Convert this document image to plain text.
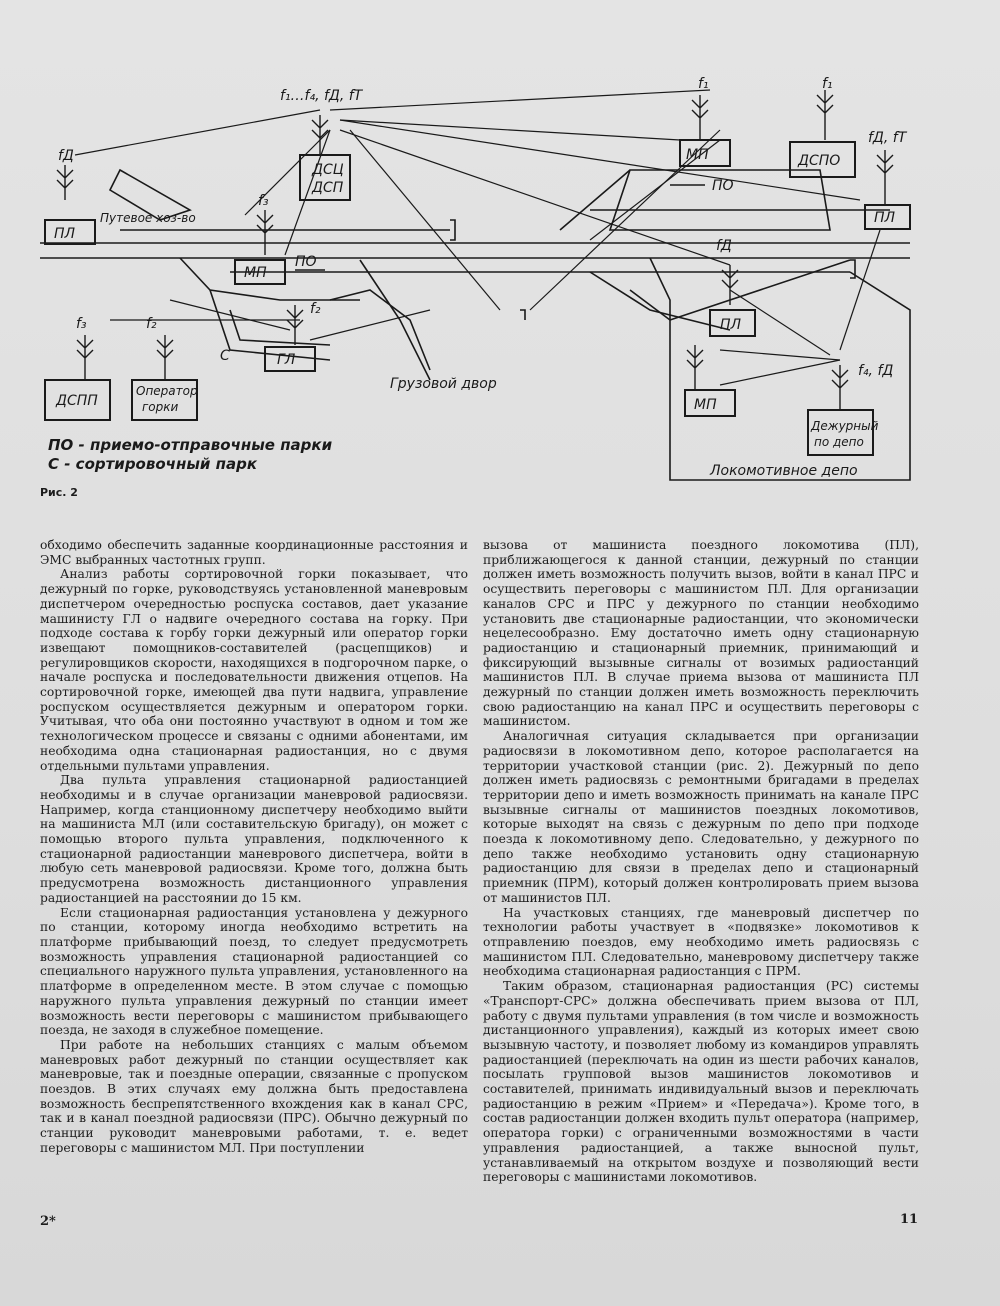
f₁…f₄, fД, fТ
f₁	f₁
fД, fТ
fД
f₃
f₃
f₂
f₂
fД
f₄, fД
ДСЦ
ДСП
МП	ДСПО
ПО
ПЛ
ПЛ
Путевое хоз-во
МП
ПО
ПЛ
ГЛ
С
Грузовой двор
МП
ДСПП
Оператор
горки
Дежурный
по депо
Локомотивное депо
ПО - приемо-отправочные парки
С - сортировочный парк
Рис. 2

обходимо обеспечить заданные координационные расстояния и ЭМС выбранных частотных групп.

Анализ работы сортировочной горки показывает, что дежурный по горке, руководствуясь установленной маневровым диспетчером очередностью роспуска составов, дает указание машинисту ГЛ о надвиге очередного состава на горку. При подходе состава к горбу горки дежурный или оператор горки извещают помощников-составителей (расцепщиков) и регулировщиков скорости, находящихся в подгорочном парке, о начале роспуска и последовательности движения отцепов. На сортировочной горке, имеющей два пути надвига, управление роспуском осуществляется дежурным и оператором горки. Учитывая, что оба они постоянно участвуют в одном и том же технологическом процессе и связаны с одними абонентами, им необходима одна стационарная радиостанция, но с двумя отдельными пультами управления.

Два пульта управления стационарной радиостанцией необходимы и в случае организации маневровой радиосвязи. Например, когда станционному диспетчеру необходимо выйти на машиниста МЛ (или составительскую бригаду), он может с помощью второго пульта управления, подключенного к стационарной радиостанции маневрового диспетчера, войти в любую сеть маневровой радиосвязи. Кроме того, должна быть предусмотрена возможность дистанционного управления радиостанцией на расстоянии до 15 км.

Если стационарная радиостанция установлена у дежурного по станции, которому иногда необходимо встретить на платформе прибывающий поезд, то следует предусмотреть возможность управления стационарной радиостанцией со специального наружного пульта управления, установленного на платформе в определенном месте. В этом случае с помощью наружного пульта управления дежурный по станции имеет возможность вести переговоры с машинистом прибывающего поезда, не заходя в служебное помещение.

При работе на небольших станциях с малым объемом маневровых работ дежурный по станции осуществляет как маневровые, так и поездные операции, связанные с пропуском поездов. В этих случаях ему должна быть предоставлена возможность беспрепятственного вхождения как в канал СРС, так и в канал поездной радиосвязи (ПРС). Обычно дежурный по станции руководит маневровыми работами, т. е. ведет переговоры с машинистом МЛ. При поступлении

вызова от машиниста поездного локомотива (ПЛ), приближающегося к данной станции, дежурный по станции должен иметь возможность получить вызов, войти в канал ПРС и осуществить переговоры с машинистом ПЛ. Для организации каналов СРС и ПРС у дежурного по станции необходимо установить две стационарные радиостанции, что экономически нецелесообразно. Ему достаточно иметь одну стационарную радиостанцию и стационарный приемник, принимающий и фиксирующий вызывные сигналы от возимых радиостанций машинистов ПЛ. В случае приема вызова от машиниста ПЛ дежурный по станции должен иметь возможность переключить свою радиостанцию на канал ПРС и осуществить переговоры с машинистом.

Аналогичная ситуация складывается при организации радиосвязи в локомотивном депо, которое располагается на территории участковой станции (рис. 2). Дежурный по депо должен иметь радиосвязь с ремонтными бригадами в пределах территории депо и иметь возможность принимать на канале ПРС вызывные сигналы от машинистов поездных локомотивов, которые выходят на связь с дежурным по депо при подходе поезда к локомотивному депо. Следовательно, у дежурного по депо также необходимо установить одну стационарную радиостанцию для связи в пределах депо и стационарный приемник (ПРМ), который должен контролировать прием вызова от машинистов ПЛ.

На участковых станциях, где маневровый диспетчер по технологии работы участвует в «подвязке» локомотивов к отправлению поездов, ему необходимо иметь радиосвязь с машинистом ПЛ. Следовательно, маневровому диспетчеру также необходима стационарная радиостанция с ПРМ.

Таким образом, стационарная радиостанция (РС) системы «Транспорт-СРС» должна обеспечивать прием вызова от ПЛ, работу с двумя пультами управления (в том числе и возможность дистанционного управления), каждый из которых имеет свою вызывную частоту, и позволяет любому из командиров управлять радиостанцией (переключать на один из шести рабочих каналов, посылать групповой вызов машинистов локомотивов и составителей, принимать индивидуальный вызов и переключать радиостанцию в режим «Прием» и «Передача»). Кроме того, в состав радиостанции должен входить пульт оператора (например, оператора горки) с ограниченными возможностями в части управления радиостанцией, а также выносной пульт, устанавливаемый на открытом воздухе и позволяющий вести переговоры с машинистами локомотивов.

2*	11
